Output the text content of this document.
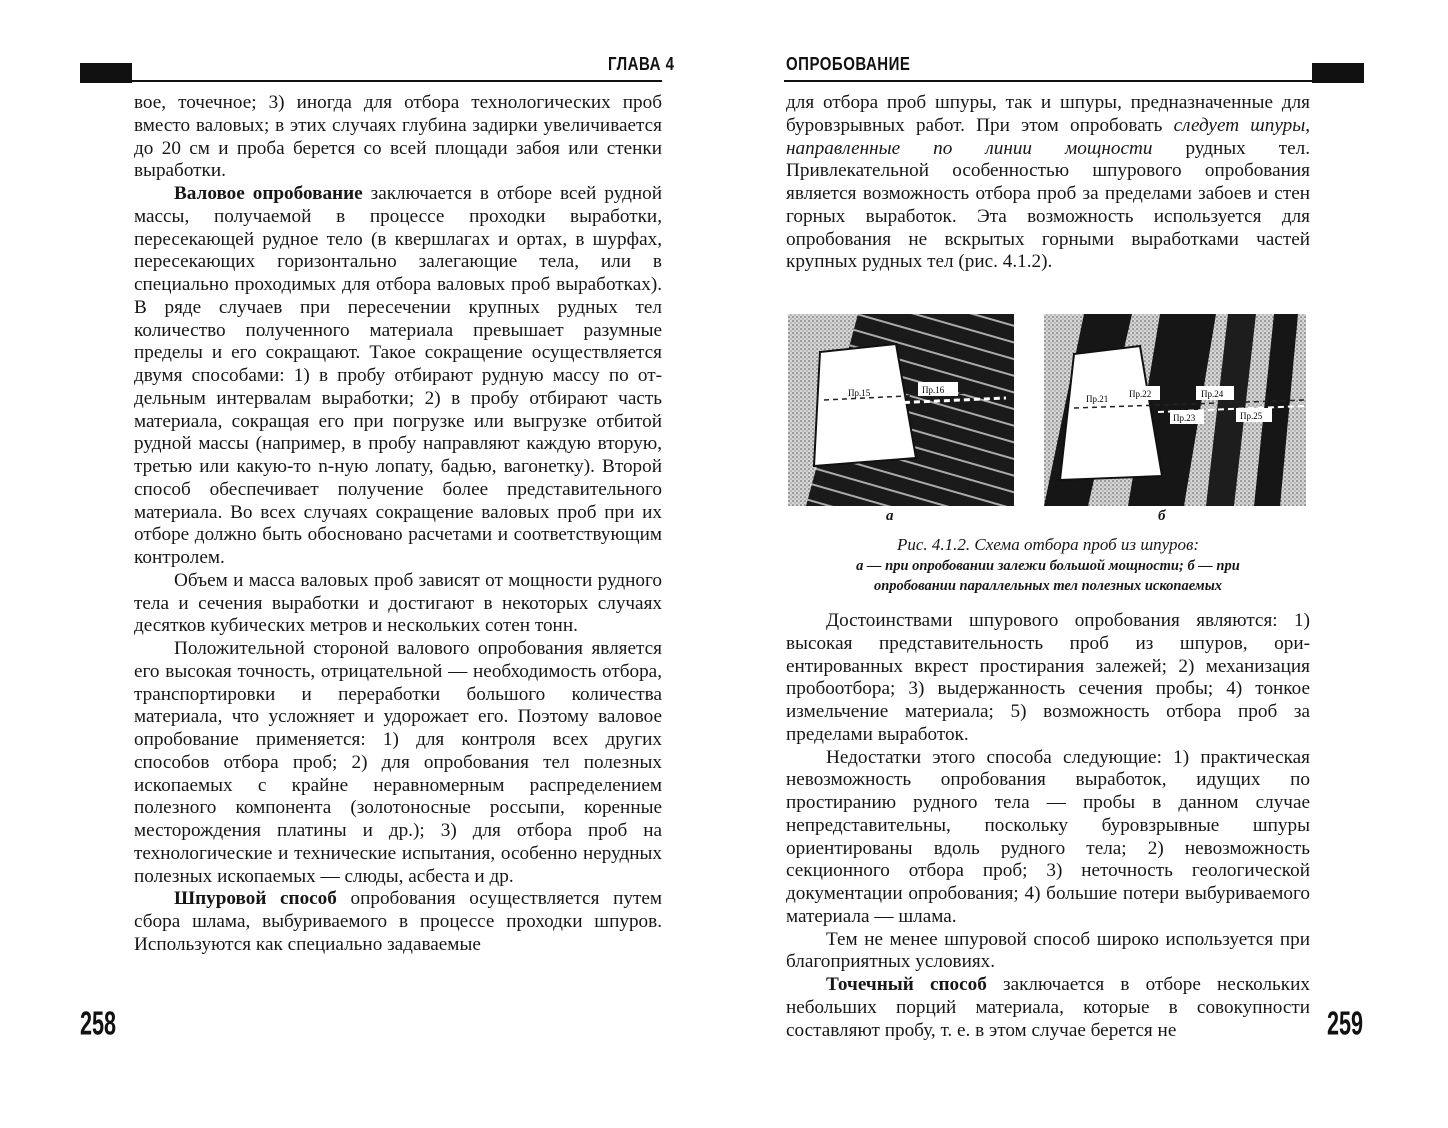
ГЛАВА 4	ОПРОБОВАНИЕ
258	259

вое, точечное; 3) иногда для отбора технологических проб вместо валовых; в этих случаях глубина задирки увеличивается до 20 см и проба берется со всей площади забоя или стенки выработки.

Валовое опробование заключается в отборе всей рудной массы, получаемой в процессе проходки выработки, пересекающей рудное тело (в квершлагах и ортах, в шурфах, пересекающих горизонтально залегающие тела, или в специально проходимых для отбора валовых проб выработках). В ряде случаев при пересечении крупных рудных тел количество полученного материала превышает разумные пределы и его сокращают. Такое сокращение осуществляется двумя способами: 1) в пробу отбирают рудную массу по отдельным интервалам выработки; 2) в пробу отбирают часть материала, сокращая его при погрузке или выгрузке отбитой рудной массы (например, в пробу направляют каждую вторую, третью или какую-то n-ную лопату, бадью, вагонетку). Второй способ обеспечивает получение более представительного материала. Во всех случаях сокращение валовых проб при их отборе должно быть обосновано расчетами и соответствующим контролем.

Объем и масса валовых проб зависят от мощности рудного тела и сечения выработки и достигают в некоторых случаях десятков кубических метров и нескольких сотен тонн.

Положительной стороной валового опробования является его высокая точность, отрицательной — необходимость отбора, транспортировки и переработки большого количества материала, что усложняет и удорожает его. Поэтому валовое опробование применяется: 1) для контроля всех других способов отбора проб; 2) для опробования тел полезных ископаемых с крайне неравномерным распределением полезного компонента (золотоносные россыпи, коренные месторождения платины и др.); 3) для отбора проб на технологические и технические испытания, особенно нерудных полезных ископаемых — слюды, асбеста и др.

Шпуровой способ опробования осуществляется путем сбора шлама, выбуриваемого в процессе проходки шпуров. Используются как специально задаваемые

для отбора проб шпуры, так и шпуры, предназначенные для буровзрывных работ. При этом опробовать следует шпуры, направленные по линии мощности рудных тел. Привлекательной особенностью шпурового опробования является возможность отбора проб за пределами забоев и стен горных выработок. Эта возможность используется для опробования не вскрытых горными выработками частей крупных рудных тел (рис. 4.1.2).

Пр.15	Пр.16
Пр.21 Пр.22
Пр.23
Пр.24
Пр.25
а	б
Рис. 4.1.2. Схема отбора проб из шпуров:
а — при опробовании залежи большой мощности; б — при
опробовании параллельных тел полезных ископаемых

Достоинствами шпурового опробования являются: 1) высокая представительность проб из шпуров, ориентированных вкрест простирания залежей; 2) механизация пробоотбора; 3) выдержанность сечения пробы; 4) тонкое измельчение материала; 5) возможность отбора проб за пределами выработок.

Недостатки этого способа следующие: 1) практическая невозможность опробования выработок, идущих по простиранию рудного тела — пробы в данном случае непредставительны, поскольку буровзрывные шпуры ориентированы вдоль рудного тела; 2) невозможность секционного отбора проб; 3) неточность геологической документации опробования; 4) большие потери выбуриваемого материала — шлама.

Тем не менее шпуровой способ широко используется при благоприятных условиях.

Точечный способ заключается в отборе нескольких небольших порций материала, которые в совокупности составляют пробу, т. е. в этом случае берется не
